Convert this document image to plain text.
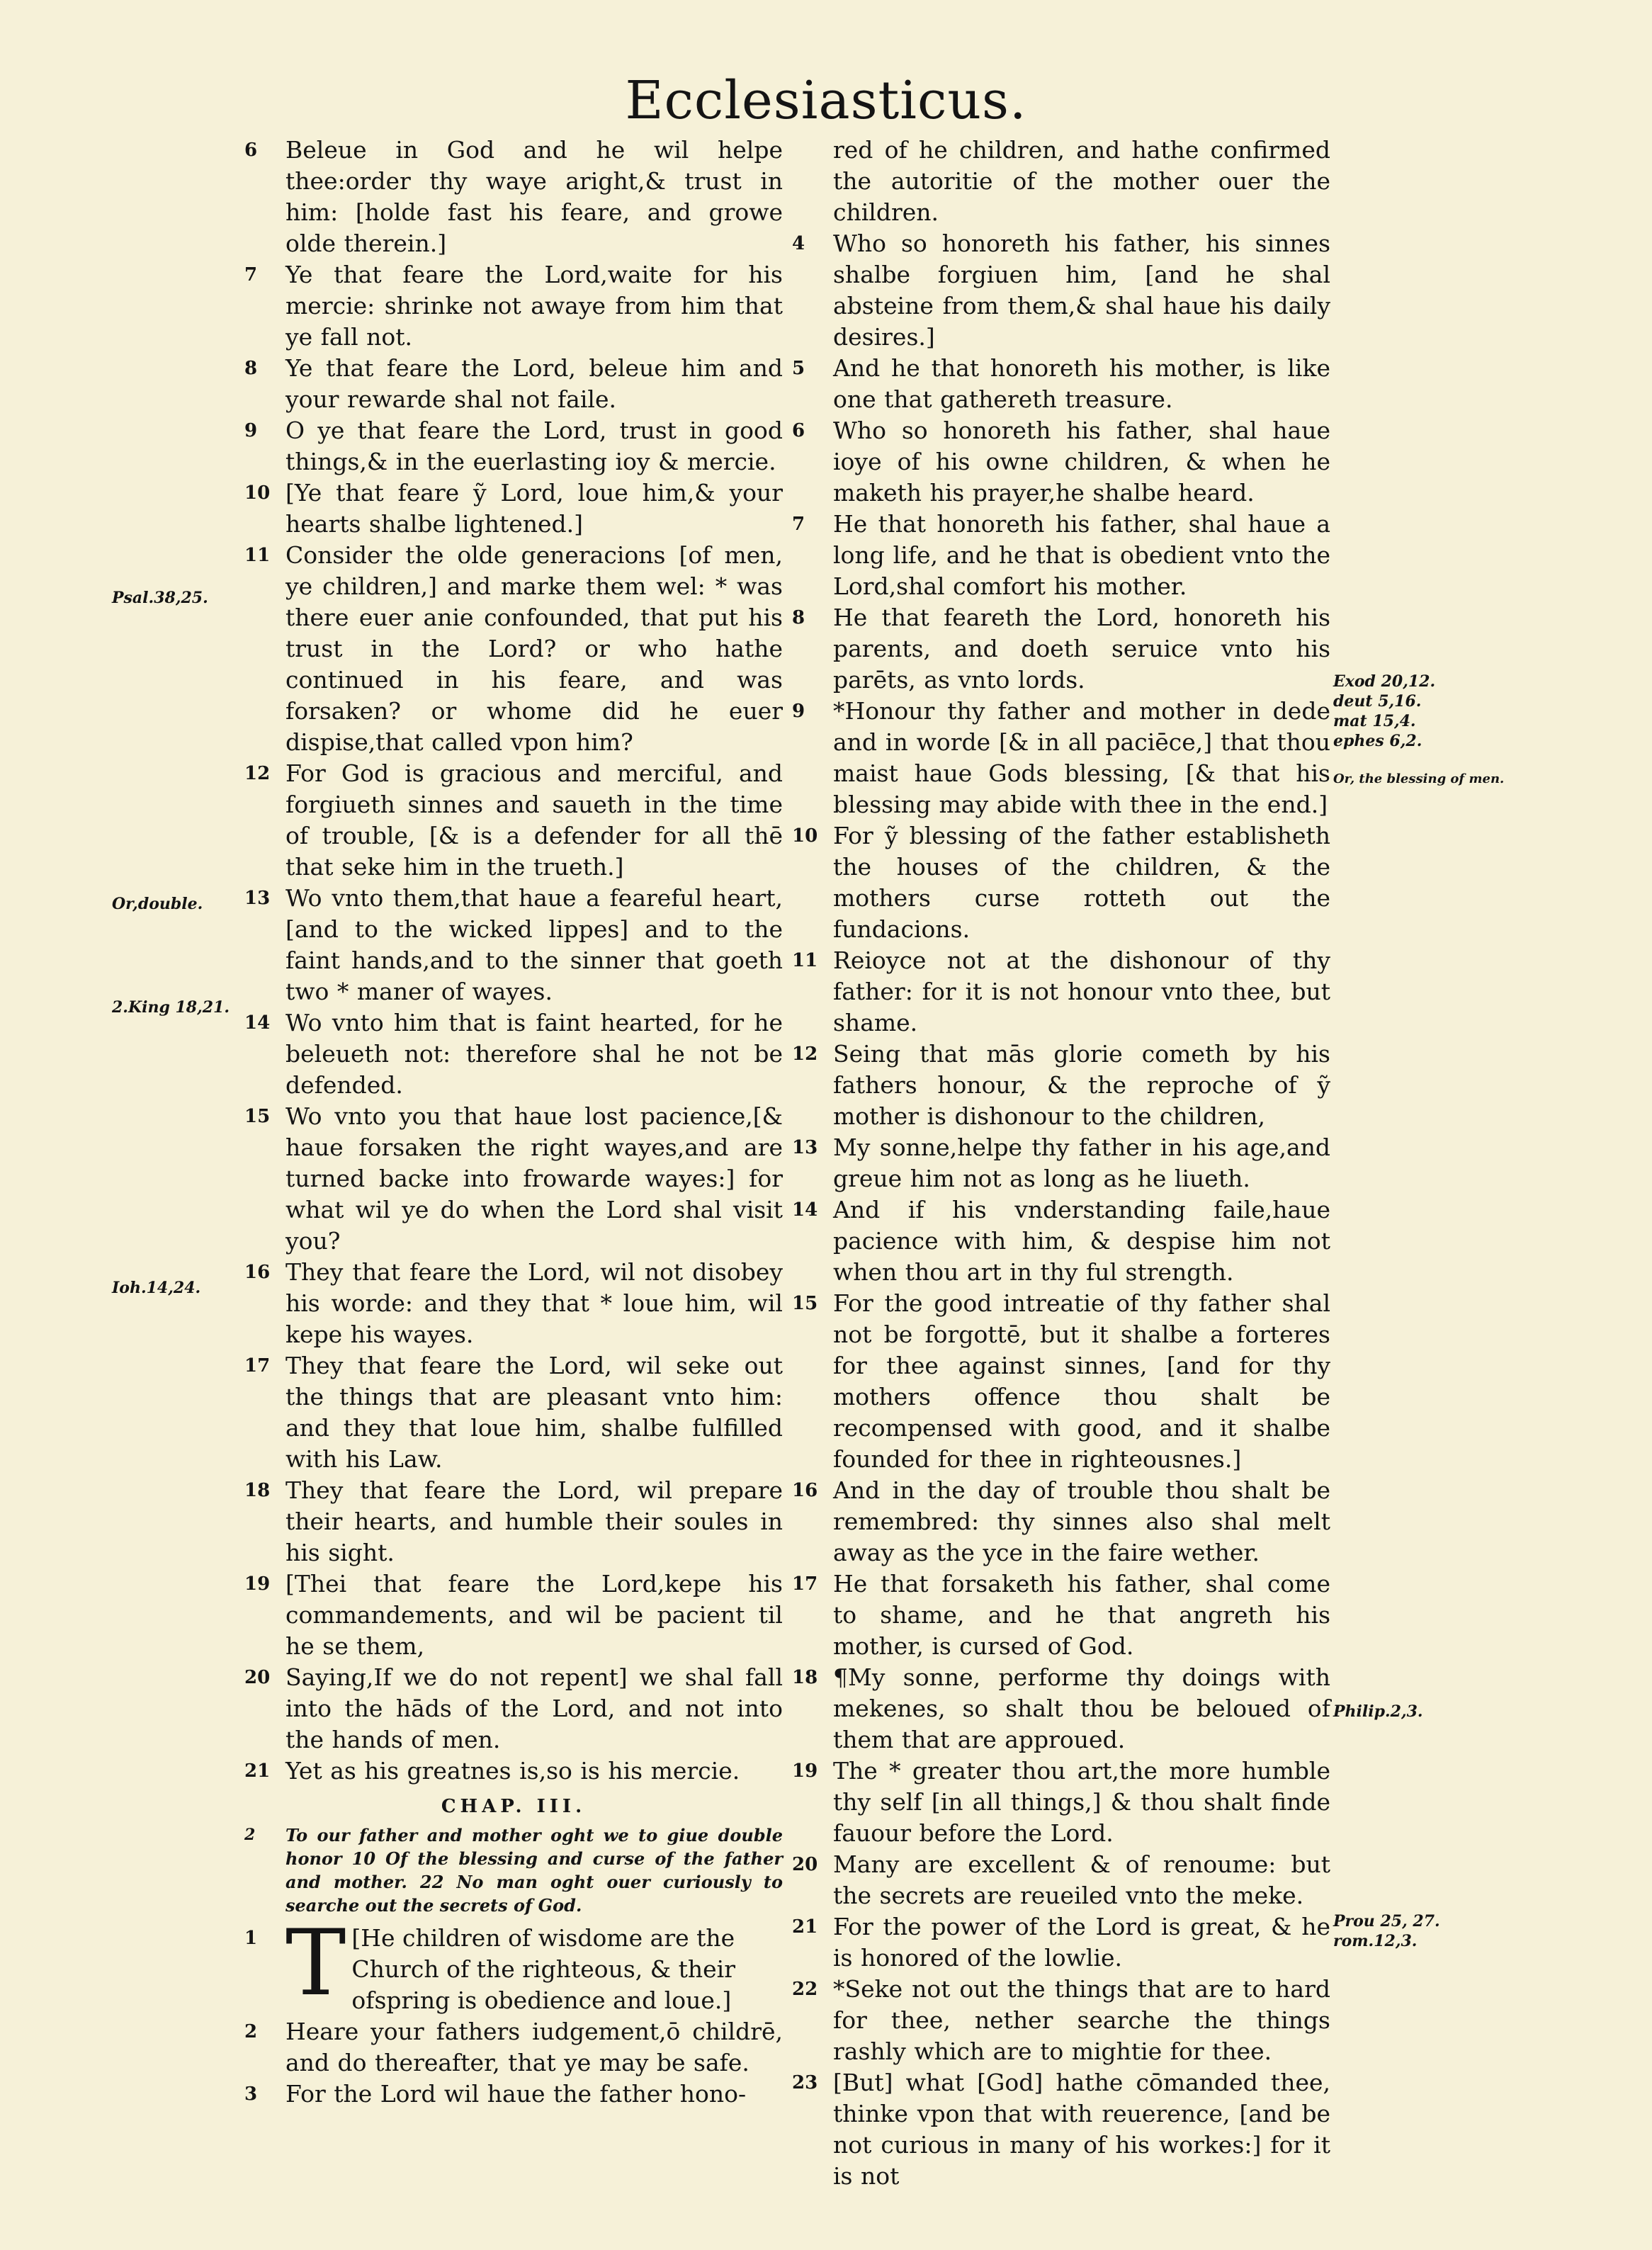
Ecclesiasticus.

6	Beleue in God and he wil helpe thee:order thy waye aright,& trust in him: [holde fast his feare, and growe olde therein.]

7	Ye that feare the Lord,waite for his mercie: shrinke not awaye from him that ye fall not.

8	Ye that feare the Lord, beleue him and your rewarde shal not faile.

9	O ye that feare the Lord, trust in good things,& in the euerlasting ioy & mercie.

10 [Ye that feare ỹ Lord, loue him,& your hearts shalbe lightened.]

11 Consider the olde generacions [of men, ye children,] and marke them wel: * was there euer anie confounded, that put his trust in the Lord? or who hathe continued in his feare, and was forsaken? or whome did he euer dispise,that called vpon him?

12 For God is gracious and merciful, and forgiueth sinnes and saueth in the time of trouble, [& is a defender for all thē that seke him in the trueth.]

13 Wo vnto them,that haue a feareful heart, [and to the wicked lippes] and to the faint hands,and to the sinner that goeth two * maner of wayes.

14 Wo vnto him that is faint hearted, for he beleueth not: therefore shal he not be defended.

15 Wo vnto you that haue lost pacience,[& haue forsaken the right wayes,and are turned backe into frowarde wayes:] for what wil ye do when the Lord shal visit you?

16 They that feare the Lord, wil not disobey his worde: and they that * loue him, wil kepe his wayes.

17 They that feare the Lord, wil seke out the things that are pleasant vnto him: and they that loue him, shalbe fulfilled with his Law.

18 They that feare the Lord, wil prepare their hearts, and humble their soules in his sight.

19 [Thei that feare the Lord,kepe his commandements, and wil be pacient til he se them,

20 Saying,If we do not repent] we shal fall into the hāds of the Lord, and not into the hands of men.

21 Yet as his greatnes is,so is his mercie.

CHAP. III.
2	To our father and mother oght we to giue double honor 10 Of the blessing and curse of the father and mother. 22 No man oght ouer curiously to searche out the secrets of God.
1 T [He children of wisdome are the Church of the righteous, & their ofspring is obedience and loue.]

2	Heare your fathers iudgement,ō childrē, and do thereafter, that ye may be safe.

3	For the Lord wil haue the father hono-

red of he children, and hathe confirmed the autoritie of the mother ouer the children.

4	Who so honoreth his father, his sinnes shalbe forgiuen him, [and he shal absteine from them,& shal haue his daily desires.]

5	And he that honoreth his mother, is like one that gathereth treasure.

6	Who so honoreth his father, shal haue ioye of his owne children, & when he maketh his prayer,he shalbe heard.

7	He that honoreth his father, shal haue a long life, and he that is obedient vnto the Lord,shal comfort his mother.

8	He that feareth the Lord, honoreth his parents, and doeth seruice vnto his parēts, as vnto lords.

9	*Honour thy father and mother in dede and in worde [& in all paciēce,] that thou maist haue Gods blessing, [& that his blessing may abide with thee in the end.]

10 For ỹ blessing of the father establisheth the houses of the children, & the mothers curse rotteth out the fundacions.

11 Reioyce not at the dishonour of thy father: for it is not honour vnto thee, but shame.

12 Seing that mās glorie cometh by his fathers honour, & the reproche of ỹ mother is dishonour to the children,

13 My sonne,helpe thy father in his age,and greue him not as long as he liueth.

14 And if his vnderstanding faile,haue pacience with him, & despise him not when thou art in thy ful strength.

15 For the good intreatie of thy father shal not be forgottē, but it shalbe a forteres for thee against sinnes, [and for thy mothers offence thou shalt be recompensed with good, and it shalbe founded for thee in righteousnes.]

16 And in the day of trouble thou shalt be remembred: thy sinnes also shal melt away as the yce in the faire wether.

17 He that forsaketh his father, shal come to shame, and he that angreth his mother, is cursed of God.

18 ¶My sonne, performe thy doings with mekenes, so shalt thou be beloued of them that are approued.

19 The * greater thou art,the more humble thy self [in all things,] & thou shalt finde fauour before the Lord.

20 Many are excellent & of renoume: but the secrets are reueiled vnto the meke.

21 For the power of the Lord is great, & he is honored of the lowlie.

22 *Seke not out the things that are to hard for thee, nether searche the things rashly which are to mightie for thee.

23 [But] what [God] hathe cōmanded thee, thinke vpon that with reuerence, [and be not curious in many of his workes:] for it is not

Psal.38,25.
Or,double.
2.King 18,21.
Ioh.14,24.
Exod 20,12.
deut 5,16.
mat 15,4.
ephes 6,2.
Or, the blessing of men.
Philip.2,3.
Prou 25, 27.
rom.12,3.
